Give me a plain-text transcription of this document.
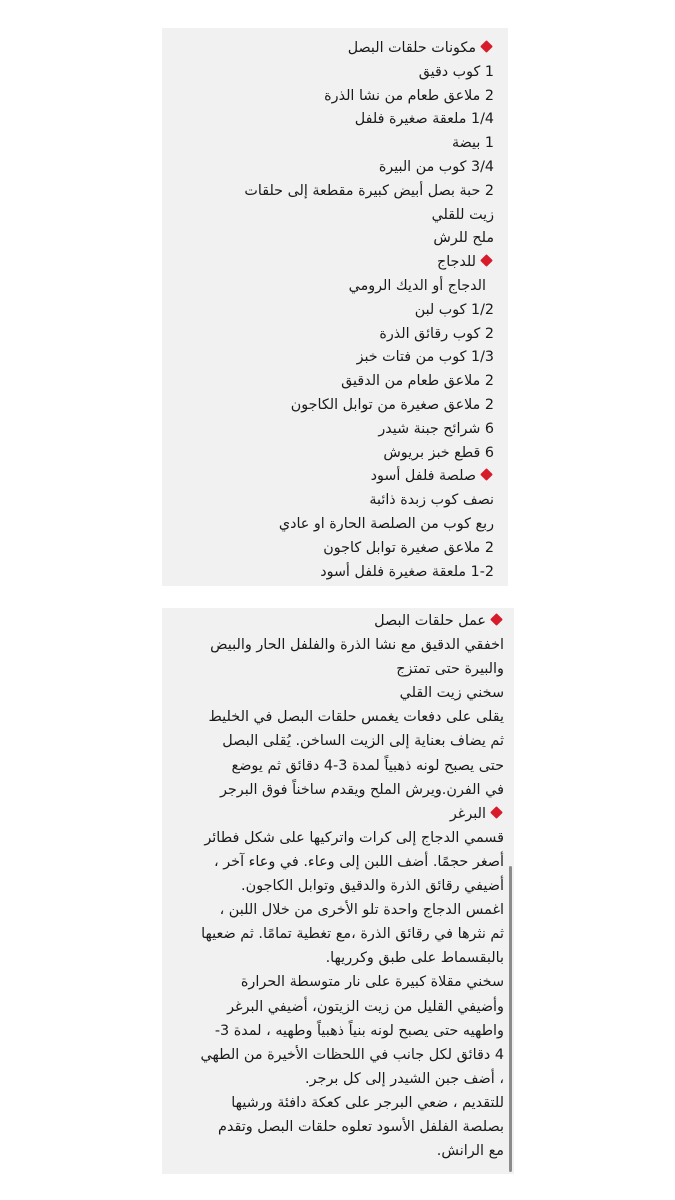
مكونات حلقات البصل
1 كوب دقيق
2 ملاعق طعام من نشا الذرة
1/4 ملعقة صغيرة فلفل
1 بيضة
3/4 كوب من البيرة
2 حبة بصل أبيض كبيرة مقطعة إلى حلقات
زيت للقلي
ملح للرش
للدجاج
الدجاج أو الديك الرومي
1/2 كوب لبن
2 كوب رقائق الذرة
1/3 كوب من فتات خبز
2 ملاعق طعام من الدقيق
2 ملاعق صغيرة من توابل الكاجون
6 شرائح جبنة شيدر
6 قطع خبز بريوش
صلصة فلفل أسود
نصف كوب زبدة ذائبة
ربع كوب من الصلصة الحارة او عادي
2 ملاعق صغيرة توابل كاجون
1-2 ملعقة صغيرة فلفل أسود
عمل حلقات البصل
اخفقي الدقيق مع نشا الذرة والفلفل الحار والبيض
والبيرة حتى تمتزج
سخني زيت القلي
يقلى على دفعات يغمس حلقات البصل في الخليط
ثم يضاف بعناية إلى الزيت الساخن. يُقلى البصل
حتى يصبح لونه ذهبياً لمدة 3-4 دقائق ثم يوضع
في الفرن.ويرش الملح ويقدم ساخناً فوق البرجر
البرغر
قسمي الدجاج إلى كرات واتركيها على شكل فطائر
أصغر حجمًا. أضف اللبن إلى وعاء. في وعاء آخر ،
أضيفي رقائق الذرة والدقيق وتوابل الكاجون.
اغمس الدجاج واحدة تلو الأخرى من خلال اللبن ،
ثم نثرها في رقائق الذرة ،مع تغطية تمامًا. ثم ضعيها
بالبقسماط على طبق وكرريها.
سخني مقلاة كبيرة على نار متوسطة الحرارة
وأضيفي القليل من زيت الزيتون، أضيفي البرغر
واطهيه حتى يصبح لونه بنياً ذهبياً وطهيه ، لمدة 3-
4 دقائق لكل جانب في اللحظات الأخيرة من الطهي
، أضف جبن الشيدر إلى كل برجر.
للتقديم ، ضعي البرجر على كعكة دافئة ورشيها
بصلصة الفلفل الأسود تعلوه حلقات البصل وتقدم
مع الرانش.
